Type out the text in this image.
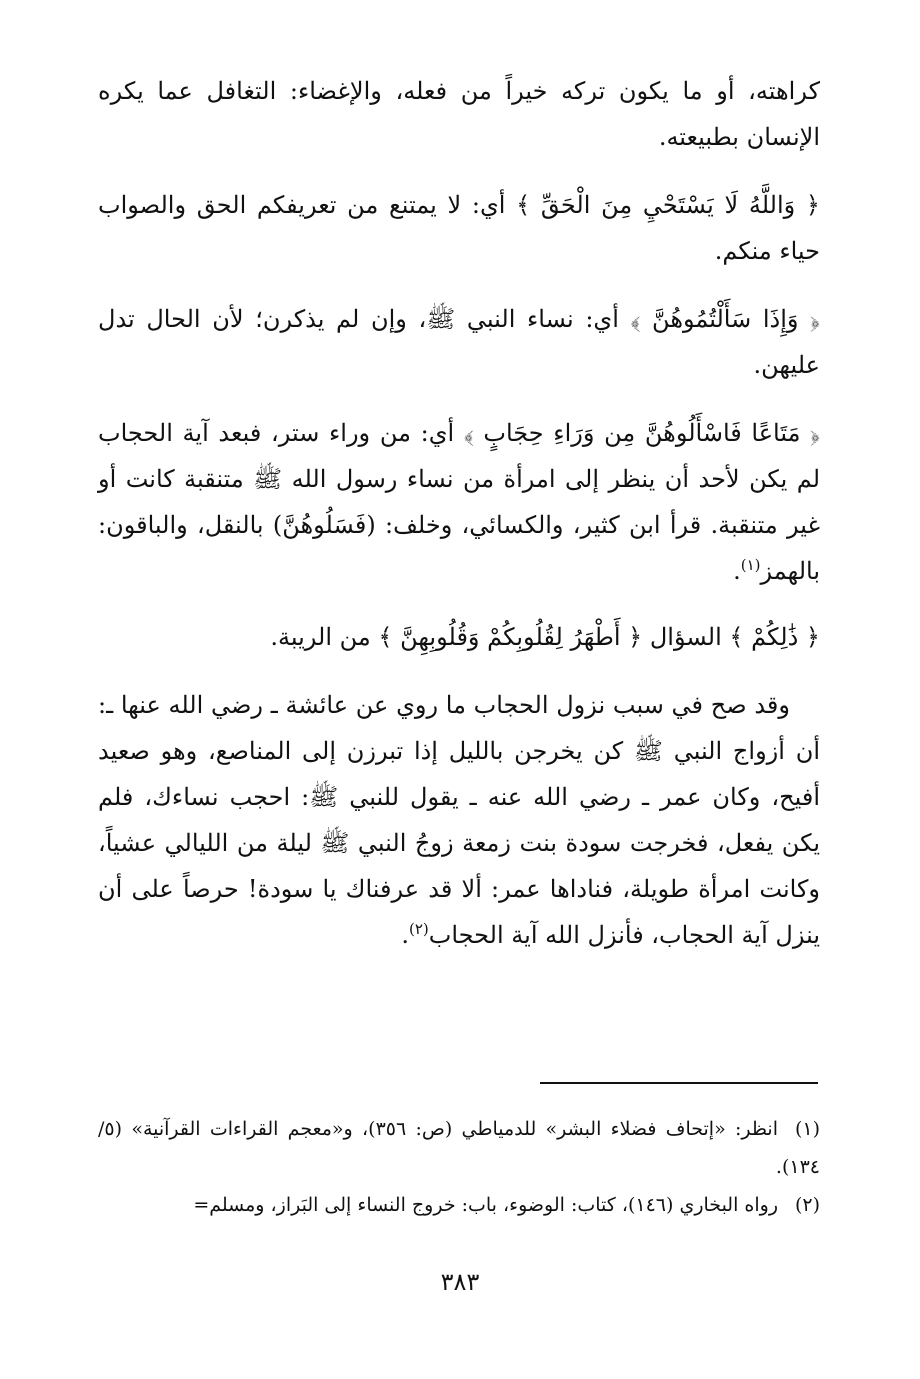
كراهته، أو ما يكون تركه خيراً من فعله، والإغضاء: التغافل عما يكره الإنسان بطبيعته.

﴿ وَاللَّهُ لَا يَسْتَحْيِ مِنَ الْحَقِّ ﴾ أي: لا يمتنع من تعريفكم الحق والصواب حياء منكم.

﴿ وَإِذَا سَأَلْتُمُوهُنَّ ﴾ أي: نساء النبي ﷺ، وإن لم يذكرن؛ لأن الحال تدل عليهن.

﴿ مَتَاعًا فَاسْأَلُوهُنَّ مِن وَرَاءِ حِجَابٍ ﴾ أي: من وراء ستر، فبعد آية الحجاب لم يكن لأحد أن ينظر إلى امرأة من نساء رسول الله ﷺ متنقبة كانت أو غير متنقبة. قرأ ابن كثير، والكسائي، وخلف: (فَسَلُوهُنَّ) بالنقل، والباقون: بالهمز$^{(١)}$.

﴿ ذَٰلِكُمْ ﴾ السؤال ﴿ أَطْهَرُ لِقُلُوبِكُمْ وَقُلُوبِهِنَّ ﴾ من الريبة.

وقد صح في سبب نزول الحجاب ما روي عن عائشة ـ رضي الله عنها ـ: أن أزواج النبي ﷺ كن يخرجن بالليل إذا تبرزن إلى المناصع، وهو صعيد أفيح، وكان عمر ـ رضي الله عنه ـ يقول للنبي ﷺ: احجب نساءك، فلم يكن يفعل، فخرجت سودة بنت زمعة زوجُ النبي ﷺ ليلة من الليالي عشياً، وكانت امرأة طويلة، فناداها عمر: ألا قد عرفناك يا سودة! حرصاً على أن ينزل آية الحجاب، فأنزل الله آية الحجاب$^{(٢)}$.

(١)انظر: «إتحاف فضلاء البشر» للدمياطي (ص: ٣٥٦)، و«معجم القراءات القرآنية» (٥/ ١٣٤).

(٢)رواه البخاري (١٤٦)، كتاب: الوضوء، باب: خروج النساء إلى البَراز، ومسلم=

٣٨٣
